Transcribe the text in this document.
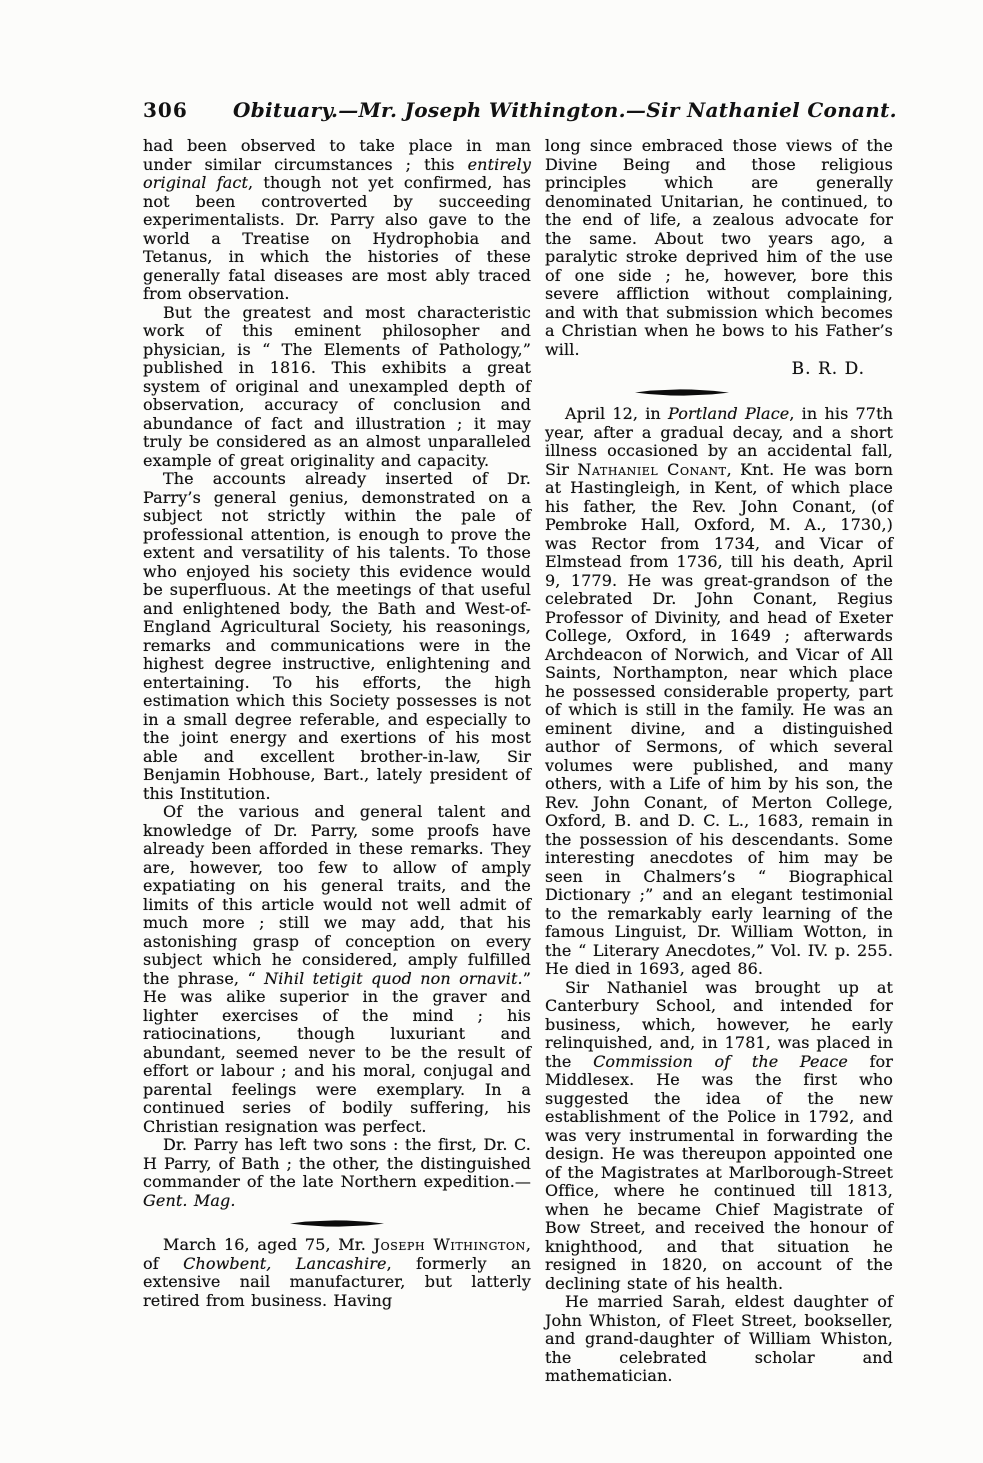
306	Obituary.—Mr. Joseph Withington.—Sir Nathaniel Conant.

had been observed to take place in man under similar circumstances ; this entirely original fact, though not yet confirmed, has not been controverted by succeeding experimentalists. Dr. Parry also gave to the world a Treatise on Hydrophobia and Tetanus, in which the histories of these generally fatal diseases are most ably traced from observation.

But the greatest and most characteristic work of this eminent philosopher and physician, is “ The Elements of Pathology,” published in 1816. This exhibits a great system of original and unexampled depth of observation, accuracy of conclusion and abundance of fact and illustration ; it may truly be considered as an almost unparalleled example of great originality and capacity.

The accounts already inserted of Dr. Parry’s general genius, demonstrated on a subject not strictly within the pale of professional attention, is enough to prove the extent and versatility of his talents. To those who enjoyed his society this evidence would be superfluous. At the meetings of that useful and enlightened body, the Bath and West-of-England Agricultural Society, his reasonings, remarks and communications were in the highest degree instructive, enlightening and entertaining. To his efforts, the high estimation which this Society possesses is not in a small degree referable, and especially to the joint energy and exertions of his most able and excellent brother-in-law, Sir Benjamin Hobhouse, Bart., lately president of this Institution.

Of the various and general talent and knowledge of Dr. Parry, some proofs have already been afforded in these remarks. They are, however, too few to allow of amply expatiating on his general traits, and the limits of this article would not well admit of much more ; still we may add, that his astonishing grasp of conception on every subject which he considered, amply fulfilled the phrase, “ Nihil tetigit quod non ornavit.” He was alike superior in the graver and lighter exercises of the mind ; his ratiocinations, though luxuriant and abundant, seemed never to be the result of effort or labour ; and his moral, conjugal and parental feelings were exemplary. In a continued series of bodily suffering, his Christian resignation was perfect.

Dr. Parry has left two sons : the first, Dr. C. H Parry, of Bath ; the other, the distinguished commander of the late Northern expedition.—Gent. Mag.

March 16, aged 75, Mr. Joseph Withington, of Chowbent, Lancashire, formerly an extensive nail manufacturer, but latterly retired from business. Having

long since embraced those views of the Divine Being and those religious principles which are generally denominated Unitarian, he continued, to the end of life, a zealous advocate for the same. About two years ago, a paralytic stroke deprived him of the use of one side ; he, however, bore this severe affliction without complaining, and with that submission which becomes a Christian when he bows to his Father’s will.

B. R. D.

April 12, in Portland Place, in his 77th year, after a gradual decay, and a short illness occasioned by an accidental fall, Sir Nathaniel Conant, Knt. He was born at Hastingleigh, in Kent, of which place his father, the Rev. John Conant, (of Pembroke Hall, Oxford, M. A., 1730,) was Rector from 1734, and Vicar of Elmstead from 1736, till his death, April 9, 1779. He was great-grandson of the celebrated Dr. John Conant, Regius Professor of Divinity, and head of Exeter College, Oxford, in 1649 ; afterwards Archdeacon of Norwich, and Vicar of All Saints, Northampton, near which place he possessed considerable property, part of which is still in the family. He was an eminent divine, and a distinguished author of Sermons, of which several volumes were published, and many others, with a Life of him by his son, the Rev. John Conant, of Merton College, Oxford, B. and D. C. L., 1683, remain in the possession of his descendants. Some interesting anecdotes of him may be seen in Chalmers’s “ Biographical Dictionary ;” and an elegant testimonial to the remarkably early learning of the famous Linguist, Dr. William Wotton, in the “ Literary Anecdotes,” Vol. IV. p. 255. He died in 1693, aged 86.

Sir Nathaniel was brought up at Canterbury School, and intended for business, which, however, he early relinquished, and, in 1781, was placed in the Commission of the Peace for Middlesex. He was the first who suggested the idea of the new establishment of the Police in 1792, and was very instrumental in forwarding the design. He was thereupon appointed one of the Magistrates at Marlborough-Street Office, where he continued till 1813, when he became Chief Magistrate of Bow Street, and received the honour of knighthood, and that situation he resigned in 1820, on account of the declining state of his health.

He married Sarah, eldest daughter of John Whiston, of Fleet Street, bookseller, and grand-daughter of William Whiston, the celebrated scholar and mathematician.
